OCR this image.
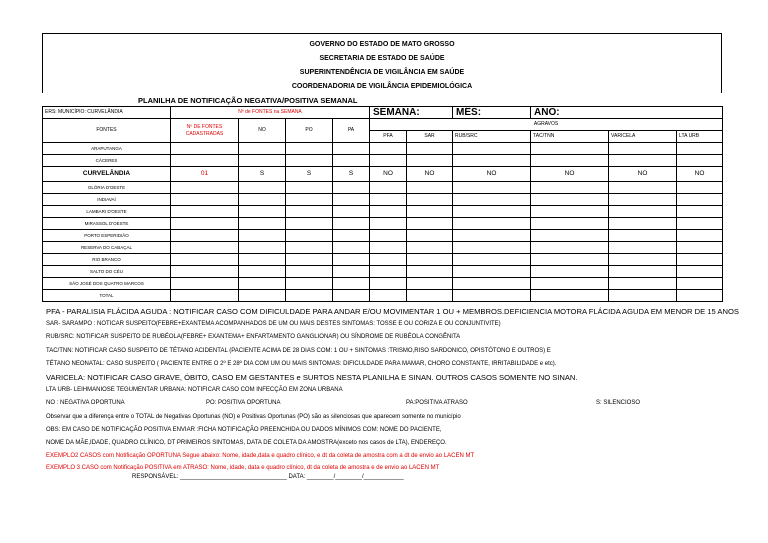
GOVERNO DO ESTADO DE MATO GROSSO
SECRETARIA DE ESTADO DE SAÚDE
SUPERINTENDÊNCIA DE VIGILÂNCIA EM SAÚDE
COORDENADORIA DE VIGILÂNCIA EPIDEMIOLÓGICA
PLANILHA DE NOTIFICAÇÃO NEGATIVA/POSITIVA SEMANAL
ERS: MUNICÍPIO: CURVELÂNDIA	Nº de FONTES na SEMANA				SEMANA:		MÊS:	ANO:		
FONTES	Nº DE FONTES CADASTRADAS	NO	PO	PA	AGRAVOS					
					PFA	SAR	RUB/SRC	TAC/TNN	VARICELA	LTA URB
ARAPUTANGA										
CÁCERES										
CURVELÂNDIA	01	S	S	S	NO	NO	NO	NO	NO	NO
GLÓRIA D'OESTE										
INDIAVAÍ										
LAMBARI D'OESTE										
MIRASSOL D'OESTE										
PORTO ESPERIDIÃO										
RESERVA DO CABAÇAL										
RIO BRANCO										
SALTO DO CÉU										
SÃO JOSÉ DOS QUATRO MARCOS										
TOTAL										
PFA - PARALISIA FLÁCIDA AGUDA : NOTIFICAR CASO COM DIFICULDADE PARA ANDAR E/OU MOVIMENTAR 1 OU + MEMBROS.DEFICIENCIA MOTORA FLÁCIDA AGUDA EM MENOR DE 15 ANOS
SAR- SARAMPO : NOTICAR SUSPEITO(FEBRE+EXANTEMA ACOMPANHADOS DE UM OU MAIS DESTES SINTOMAS: TOSSE E OU CORIZA E OU CONJUNTIVITE)
RUB/SRC: NOTIFICAR SUSPEITO DE RUBÉOLA(FEBRE+ EXANTEMA+ ENFARTAMENTO GANGLIONAR) OU SÍNDROME DE RUBÉOLA CONGÊNITA
TAC/TNN: NOTIFICAR CASO SUSPEITO DE TÉTANO ACIDENTAL (PACIENTE ACIMA DE 28 DIAS COM: 1 OU + SINTOMAS :TRISMO,RISO SARDONICO, OPISTÓTONO E OUTROS) E
TÉTANO NEONATAL: CASO SUSPEITO ( PACIENTE ENTRE O 2º E 28º DIA COM UM OU MAIS SINTOMAS: DIFICULDADE PARA MAMAR, CHORO CONSTANTE, IRRITABILIDADE e etc).
VARICELA: NOTIFICAR CASO GRAVE, ÓBITO, CASO EM GESTANTES e SURTOS NESTA PLANILHA E SINAN. OUTROS CASOS SOMENTE NO SINAN.
LTA URB- LEIHMANIOSE TEGUMENTAR URBANA: NOTIFICAR CASO COM INFECÇÃO EM ZONA URBANA
NO : NEGATIVA OPORTUNA	PO: POSITIVA OPORTUNA	PA:POSITIVA ATRASO	S: SILENCIOSO
Observar que a diferença entre o TOTAL de Negativas Oportunas (NO) e Positivas Oportunas (PO) são as silenciosas que aparecem somente no município
OBS: EM CASO DE NOTIFICAÇÃO POSITIVA ENVIAR :FICHA NOTIFICAÇÃO PREENCHIDA OU DADOS MÍNIMOS COM: NOME DO PACIENTE,
NOME DA MÃE,IDADE, QUADRO CLÍNICO, DT PRIMEIROS SINTOMAS, DATA DE COLETA DA AMOSTRA(exceto nos casos de LTA), ENDEREÇO.
EXEMPLO2 CASOS com Notificação OPORTUNA Segue abaixo: Nome, idade,data e quadro clínico, e dt da coleta de amostra com a dt de envio ao LACEN MT
EXEMPLO 3 CASO com Notificação POSITIVA em ATRASO: Nome, idade, data e quadro clínico, dt da coleta de amostra e de envio ao LACEN MT
RESPONSÁVEL: ________________________________ DATA: ________/________/____________
